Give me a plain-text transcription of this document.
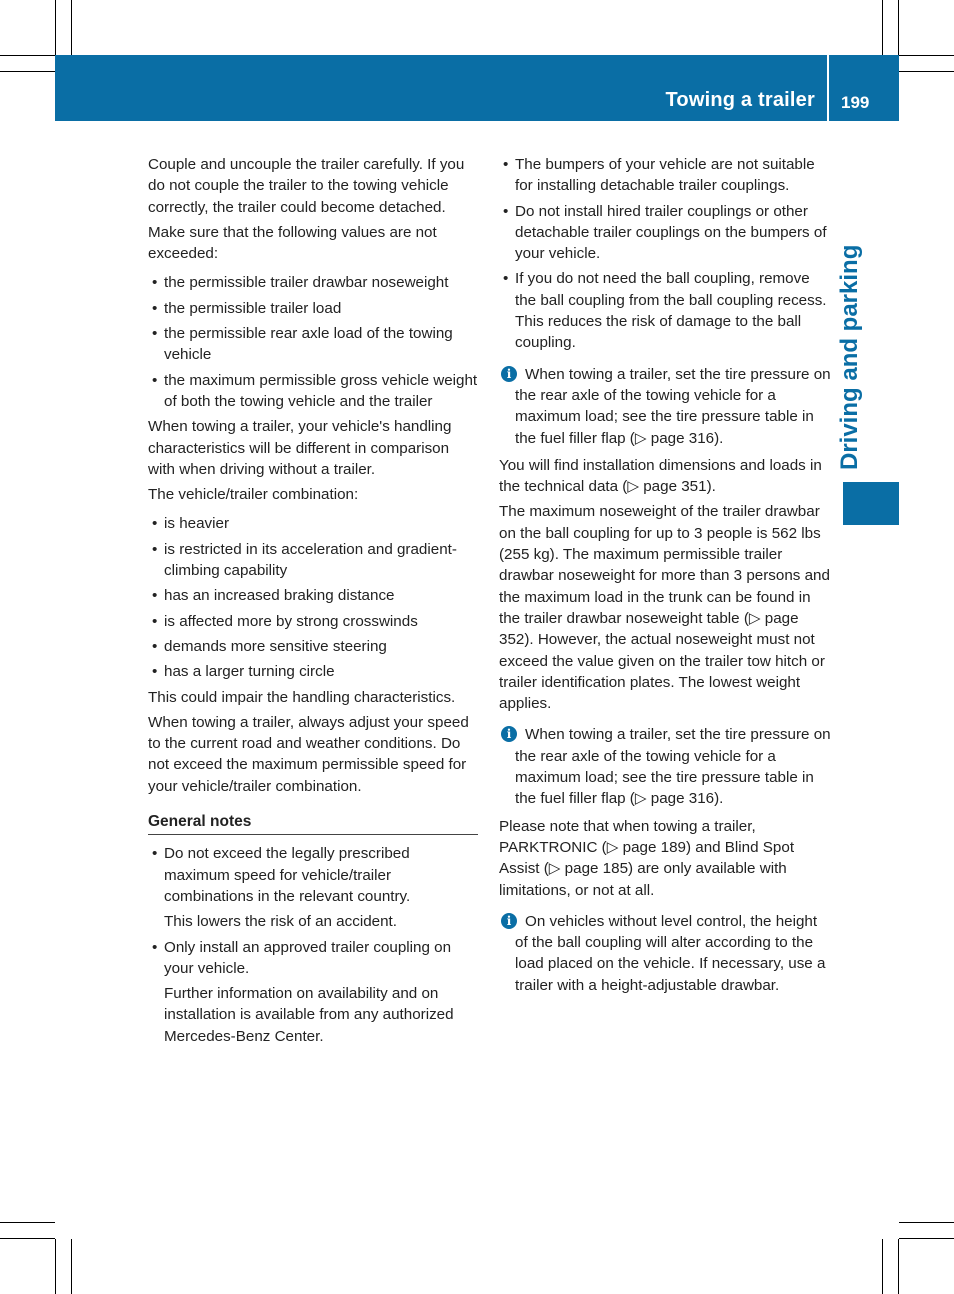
Towing a trailer 199
Driving and parking

Couple and uncouple the trailer carefully. If you do not couple the trailer to the towing vehicle correctly, the trailer could become detached.

Make sure that the following values are not exceeded:

• the permissible trailer drawbar noseweight
• the permissible trailer load
• the permissible rear axle load of the towing vehicle
• the maximum permissible gross vehicle weight of both the towing vehicle and the trailer

When towing a trailer, your vehicle's handling characteristics will be different in comparison with when driving without a trailer.

The vehicle/trailer combination:

• is heavier
• is restricted in its acceleration and gradient-climbing capability
• has an increased braking distance
• is affected more by strong crosswinds
• demands more sensitive steering
• has a larger turning circle

This could impair the handling characteristics.

When towing a trailer, always adjust your speed to the current road and weather conditions. Do not exceed the maximum permissible speed for your vehicle/trailer combination.

General notes
• Do not exceed the legally prescribed maximum speed for vehicle/trailer combinations in the relevant country.

This lowers the risk of an accident.

• Only install an approved trailer coupling on your vehicle.

Further information on availability and on installation is available from any authorized Mercedes-Benz Center.

• The bumpers of your vehicle are not suitable for installing detachable trailer couplings.
• Do not install hired trailer couplings or other detachable trailer couplings on the bumpers of your vehicle.
• If you do not need the ball coupling, remove the ball coupling from the ball coupling recess. This reduces the risk of damage to the ball coupling.
i When towing a trailer, set the tire pressure on the rear axle of the towing vehicle for a maximum load; see the tire pressure table in the fuel filler flap (▷ page 316).

You will find installation dimensions and loads in the technical data (▷ page 351).

The maximum noseweight of the trailer drawbar on the ball coupling for up to 3 people is 562 lbs (255 kg). The maximum permissible trailer drawbar noseweight for more than 3 persons and the maximum load in the trunk can be found in the trailer drawbar noseweight table (▷ page 352). However, the actual noseweight must not exceed the value given on the trailer tow hitch or trailer identification plates. The lowest weight applies.

i When towing a trailer, set the tire pressure on the rear axle of the towing vehicle for a maximum load; see the tire pressure table in the fuel filler flap (▷ page 316).

Please note that when towing a trailer, PARKTRONIC (▷ page 189) and Blind Spot Assist (▷ page 185) are only available with limitations, or not at all.

i On vehicles without level control, the height of the ball coupling will alter according to the load placed on the vehicle. If necessary, use a trailer with a height-adjustable drawbar.
